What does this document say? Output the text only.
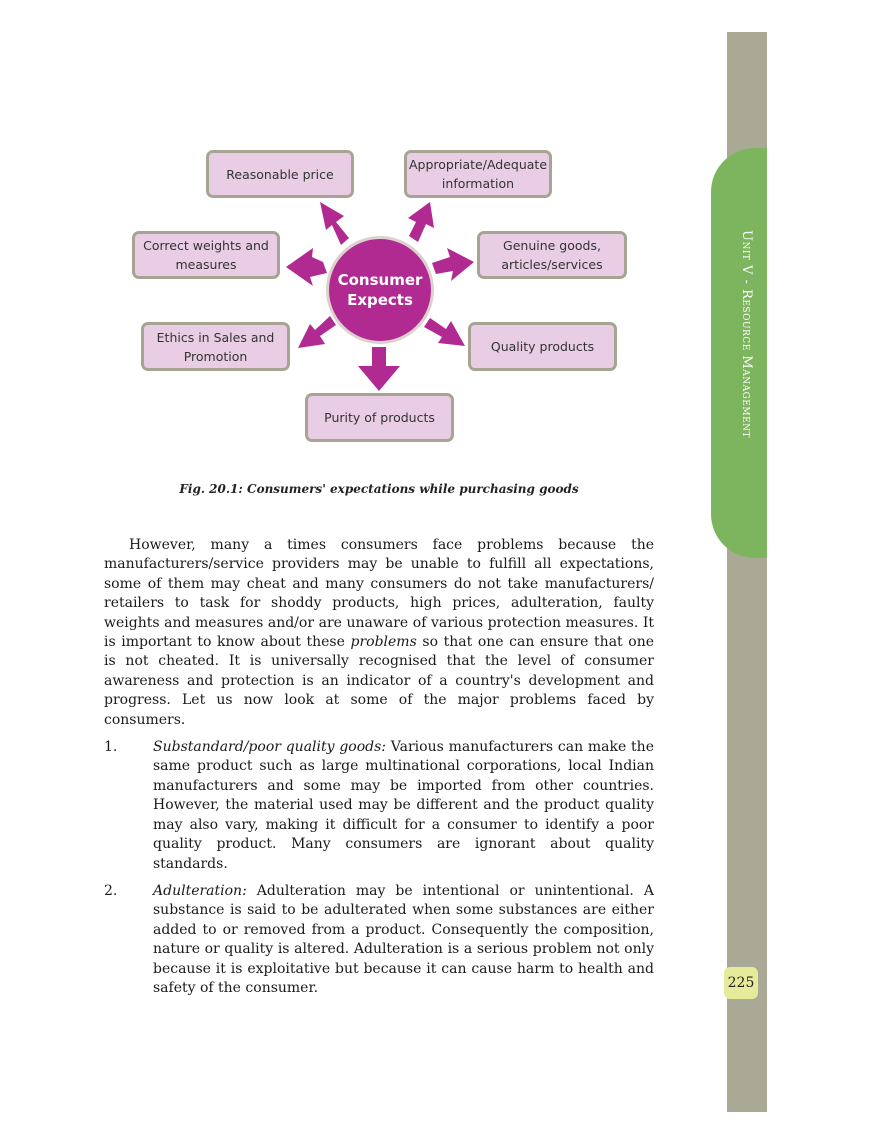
Unit V - Resource Management
225
Reasonable price
Appropriate/Adequate information
Correct weights and measures
Genuine goods, articles/services
Ethics in Sales and Promotion
Quality products
Purity of products
Consumer Expects
Fig. 20.1: Consumers' expectations while purchasing goods

However, many a times consumers face problems because the manufacturers/service providers may be unable to fulfill all expectations, some of them may cheat and many consumers do not take manufacturers/ retailers to task for shoddy products, high prices, adulteration, faulty weights and measures and/or are unaware of various protection measures. It is important to know about these problems so that one can ensure that one is not cheated. It is universally recognised that the level of consumer awareness and protection is an indicator of a country's development and progress. Let us now look at some of the major problems faced by consumers.

1.	Substandard/poor quality goods: Various manufacturers can make the same product such as large multinational corporations, local Indian manufacturers and some may be imported from other countries. However, the material used may be different and the product quality may also vary, making it difficult for a consumer to identify a poor quality product. Many consumers are ignorant about quality standards.
2.	Adulteration: Adulteration may be intentional or unintentional. A substance is said to be adulterated when some substances are either added to or removed from a product. Consequently the composition, nature or quality is altered. Adulteration is a serious problem not only because it is exploitative but because it can cause harm to health and safety of the consumer.
